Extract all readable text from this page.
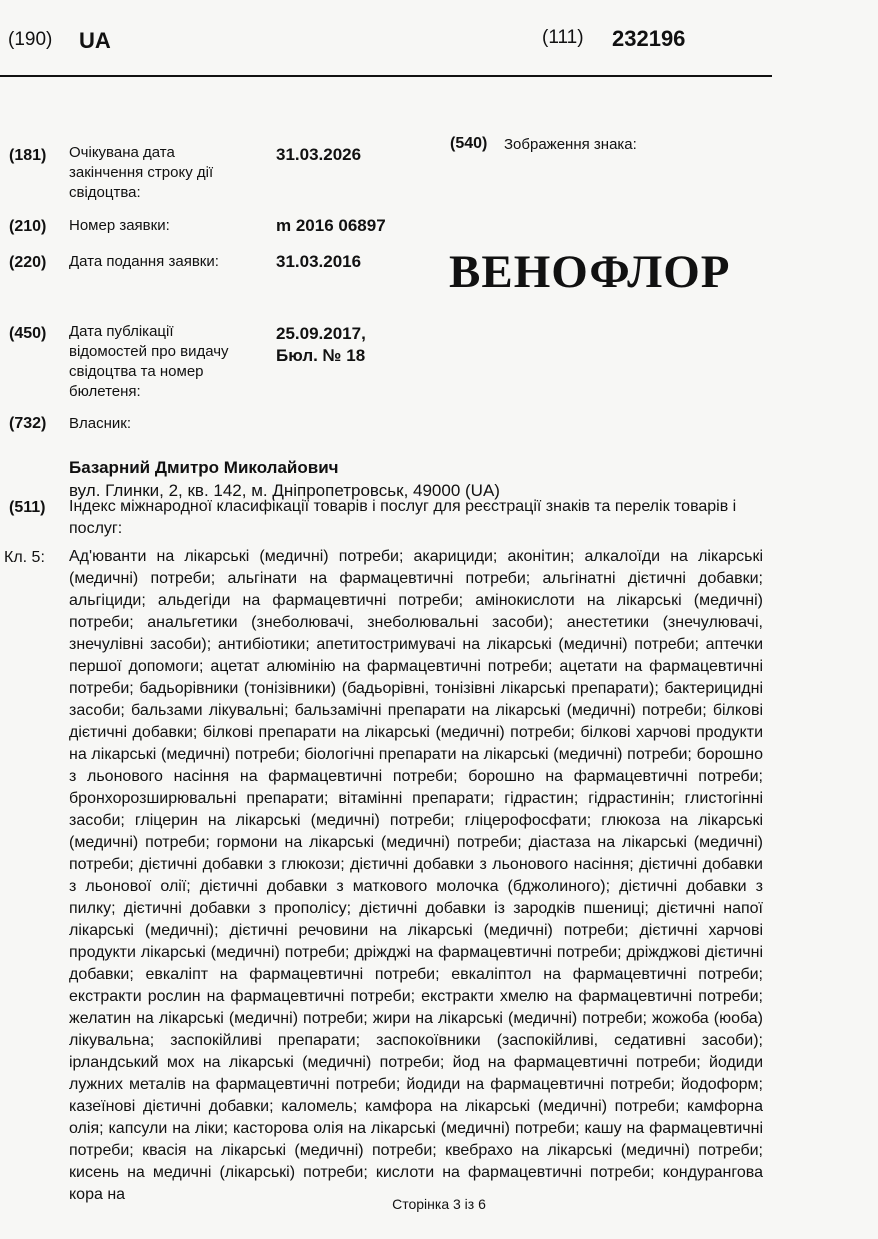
(190) UA	(111) 232196
(181) Очікувана дата закінчення строку дії свідоцтва:
31.03.2026
(210) Номер заявки:	m 2016 06897
(220) Дата подання заявки:	31.03.2016
(450) Дата публікації відомостей про видачу свідоцтва та номер бюлетеня:
25.09.2017,
Бюл. № 18
(540) Зображення знака:
ВЕНОФЛОР
(732) Власник:
Базарний Дмитро Миколайович
вул. Глинки, 2, кв. 142, м. Дніпропетровськ, 49000 (UA)
(511) Індекс міжнародної класифікації товарів і послуг для реєстрації знаків та перелік товарів і послуг:
Кл. 5: Ад'юванти на лікарські (медичні) потреби; акарициди; аконітин; алкалоїди на лікарські (медичні) потреби; альгінати на фармацевтичні потреби; альгінатні дієтичні добавки; альгіциди; альдегіди на фармацевтичні потреби; амінокислоти на лікарські (медичні) потреби; анальгетики (знеболювачі, знеболювальні засоби); анестетики (знечулювачі, знечулівні засоби); антибіотики; апетитостримувачі на лікарські (медичні) потреби; аптечки першої допомоги; ацетат алюмінію на фармацевтичні потреби; ацетати на фармацевтичні потреби; бадьорівники (тонізівники) (бадьорівні, тонізівні лікарські препарати); бактерицидні засоби; бальзами лікувальні; бальзамічні препарати на лікарські (медичні) потреби; білкові дієтичні добавки; білкові препарати на лікарські (медичні) потреби; білкові харчові продукти на лікарські (медичні) потреби; біологічні препарати на лікарські (медичні) потреби; борошно з льонового насіння на фармацевтичні потреби; борошно на фармацевтичні потреби; бронхорозширювальні препарати; вітамінні препарати; гідрастин; гідрастинін; глистогінні засоби; гліцерин на лікарські (медичні) потреби; гліцерофосфати; глюкоза на лікарські (медичні) потреби; гормони на лікарські (медичні) потреби; діастаза на лікарські (медичні) потреби; дієтичні добавки з глюкози; дієтичні добавки з льонового насіння; дієтичні добавки з льонової олії; дієтичні добавки з маткового молочка (бджолиного); дієтичні добавки з пилку; дієтичні добавки з прополісу; дієтичні добавки із зародків пшениці; дієтичні напої лікарські (медичні); дієтичні речовини на лікарські (медичні) потреби; дієтичні харчові продукти лікарські (медичні) потреби; дріжджі на фармацевтичні потреби; дріжджові дієтичні добавки; евкаліпт на фармацевтичні потреби; евкаліптол на фармацевтичні потреби; екстракти рослин на фармацевтичні потреби; екстракти хмелю на фармацевтичні потреби; желатин на лікарські (медичні) потреби; жири на лікарські (медичні) потреби; жожоба (юоба) лікувальна; заспокійливі препарати; заспокоївники (заспокійливі, седативні засоби); ірландський мох на лікарські (медичні) потреби; йод на фармацевтичні потреби; йодиди лужних металів на фармацевтичні потреби; йодиди на фармацевтичні потреби; йодоформ; казеїнові дієтичні добавки; каломель; камфора на лікарські (медичні) потреби; камфорна олія; капсули на ліки; касторова олія на лікарські (медичні) потреби; кашу на фармацевтичні потреби; квасія на лікарські (медичні) потреби; квебрахо на лікарські (медичні) потреби; кисень на медичні (лікарські) потреби; кислоти на фармацевтичні потреби; кондурангова кора на
Сторінка 3 із 6
